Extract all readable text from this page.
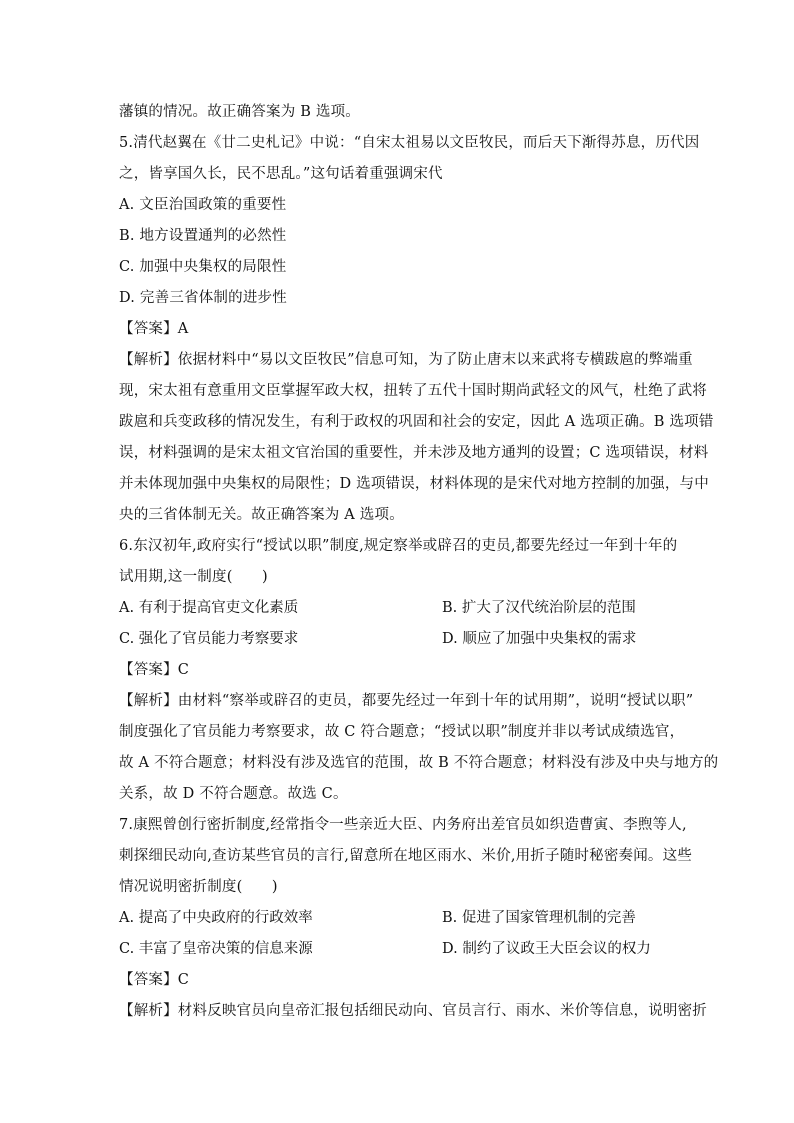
藩镇的情况。故正确答案为 B 选项。
5.清代赵翼在《廿二史札记》中说：“自宋太祖易以文臣牧民，而后天下渐得苏息，历代因
之，皆享国久长，民不思乱。”这句话着重强调宋代
A. 文臣治国政策的重要性
B. 地方设置通判的必然性
C. 加强中央集权的局限性
D. 完善三省体制的进步性
【答案】A
【解析】依据材料中“易以文臣牧民”信息可知，为了防止唐末以来武将专横跋扈的弊端重
现，宋太祖有意重用文臣掌握军政大权，扭转了五代十国时期尚武轻文的风气，杜绝了武将
跋扈和兵变政移的情况发生，有利于政权的巩固和社会的安定，因此 A 选项正确。B 选项错
误，材料强调的是宋太祖文官治国的重要性，并未涉及地方通判的设置；C 选项错误，材料
并未体现加强中央集权的局限性；D 选项错误，材料体现的是宋代对地方控制的加强，与中
央的三省体制无关。故正确答案为 A 选项。
6.东汉初年,政府实行“授试以职”制度,规定察举或辟召的吏员,都要先经过一年到十年的
试用期,这一制度(　　)
A. 有利于提高官吏文化素质	B. 扩大了汉代统治阶层的范围
C. 强化了官员能力考察要求	D. 顺应了加强中央集权的需求
【答案】C
【解析】由材料“察举或辟召的吏员，都要先经过一年到十年的试用期”，说明“授试以职”
制度强化了官员能力考察要求，故 C 符合题意；“授试以职”制度并非以考试成绩选官，
故 A 不符合题意；材料没有涉及选官的范围，故 B 不符合题意；材料没有涉及中央与地方的
关系，故 D 不符合题意。故选 C。
7.康熙曾创行密折制度,经常指令一些亲近大臣、内务府出差官员如织造曹寅、李煦等人,
刺探细民动向,查访某些官员的言行,留意所在地区雨水、米价,用折子随时秘密奏闻。这些
情况说明密折制度(　　)
A. 提高了中央政府的行政效率	B. 促进了国家管理机制的完善
C. 丰富了皇帝决策的信息来源	D. 制约了议政王大臣会议的权力
【答案】C
【解析】材料反映官员向皇帝汇报包括细民动向、官员言行、雨水、米价等信息，说明密折
